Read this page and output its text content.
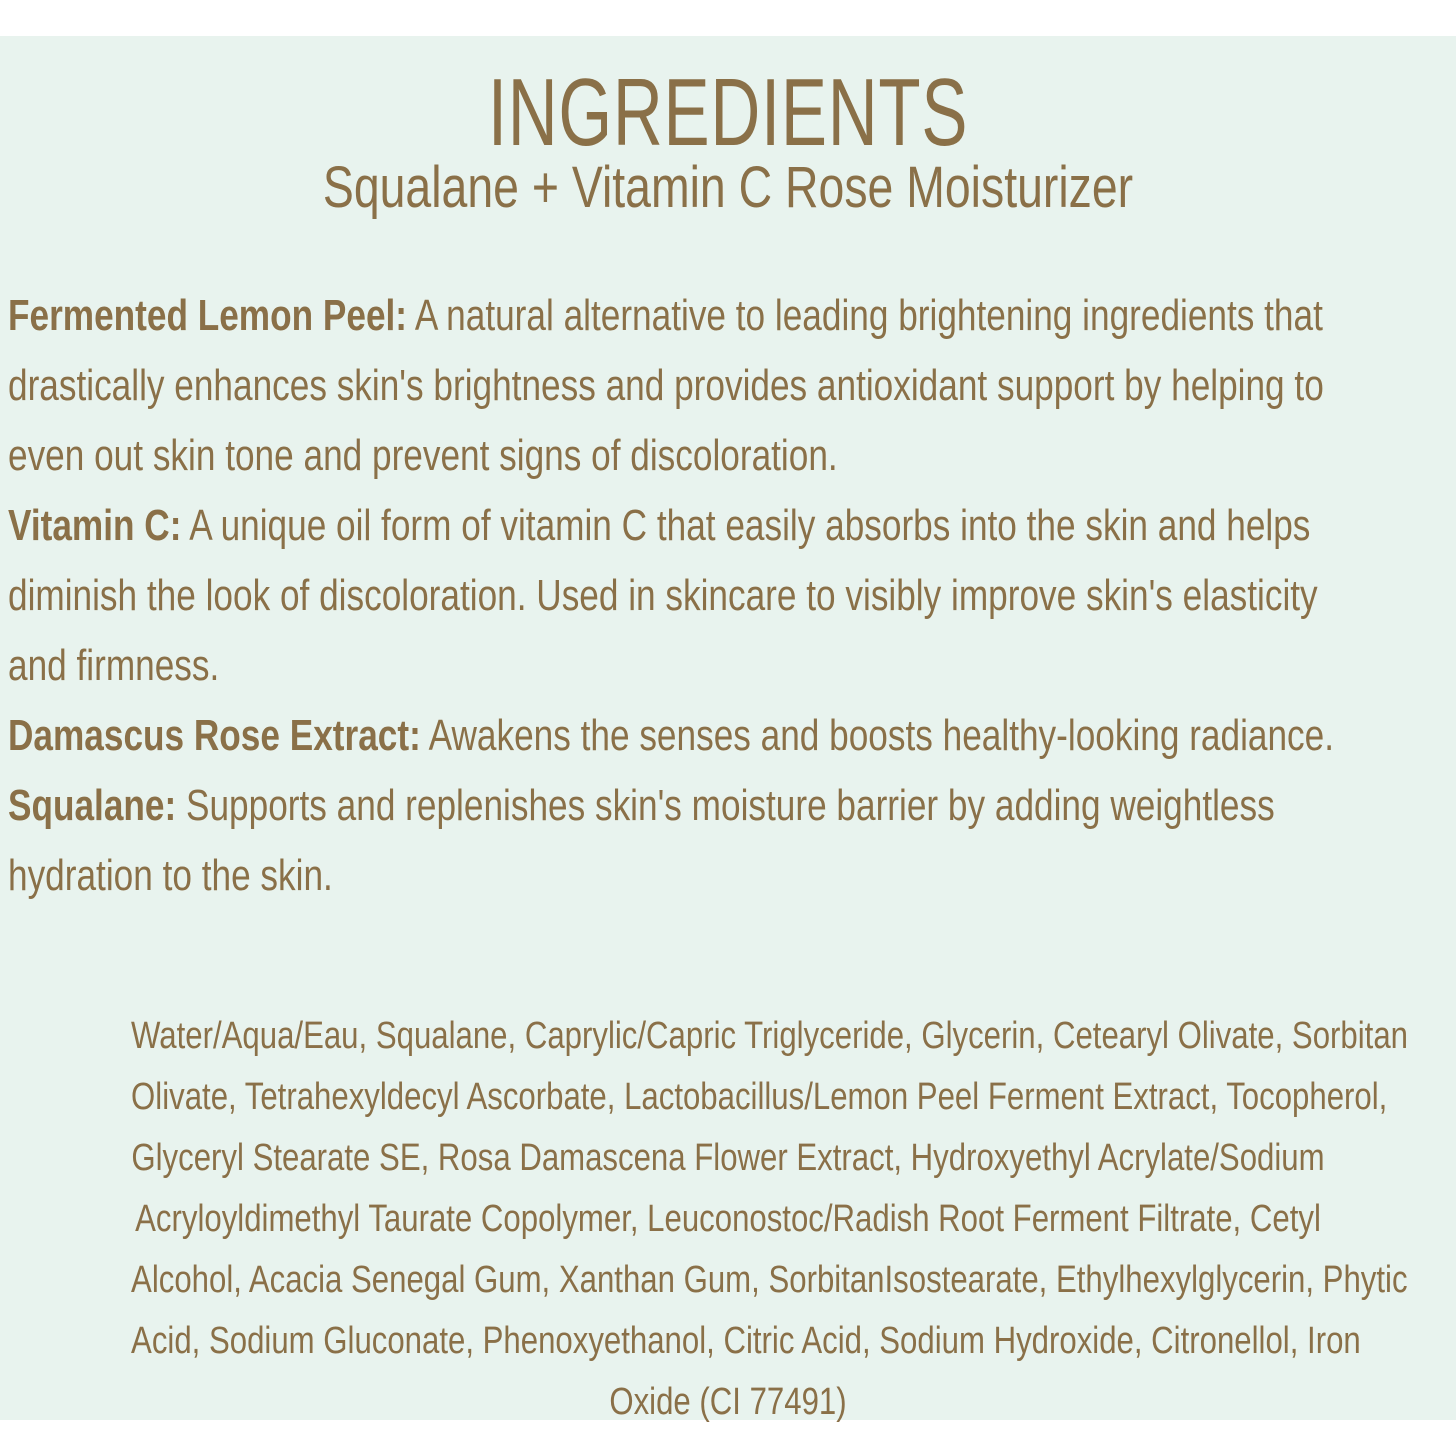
INGREDIENTS
Squalane + Vitamin C Rose Moisturizer
Fermented Lemon Peel: A natural alternative to leading brightening ingredients that
drastically enhances skin's brightness and provides antioxidant support by helping to
even out skin tone and prevent signs of discoloration.
Vitamin C: A unique oil form of vitamin C that easily absorbs into the skin and helps
diminish the look of discoloration. Used in skincare to visibly improve skin's elasticity
and firmness.
Damascus Rose Extract: Awakens the senses and boosts healthy-looking radiance.
Squalane: Supports and replenishes skin's moisture barrier by adding weightless
hydration to the skin.
Water/Aqua/Eau, Squalane, Caprylic/Capric Triglyceride, Glycerin, Cetearyl Olivate, Sorbitan
Olivate, Tetrahexyldecyl Ascorbate, Lactobacillus/Lemon Peel Ferment Extract, Tocopherol,
Glyceryl Stearate SE, Rosa Damascena Flower Extract, Hydroxyethyl Acrylate/Sodium
Acryloyldimethyl Taurate Copolymer, Leuconostoc/Radish Root Ferment Filtrate, Cetyl
Alcohol, Acacia Senegal Gum, Xanthan Gum, SorbitanIsostearate, Ethylhexylglycerin, Phytic
Acid, Sodium Gluconate, Phenoxyethanol, Citric Acid, Sodium Hydroxide, Citronellol, Iron
Oxide (CI 77491)
